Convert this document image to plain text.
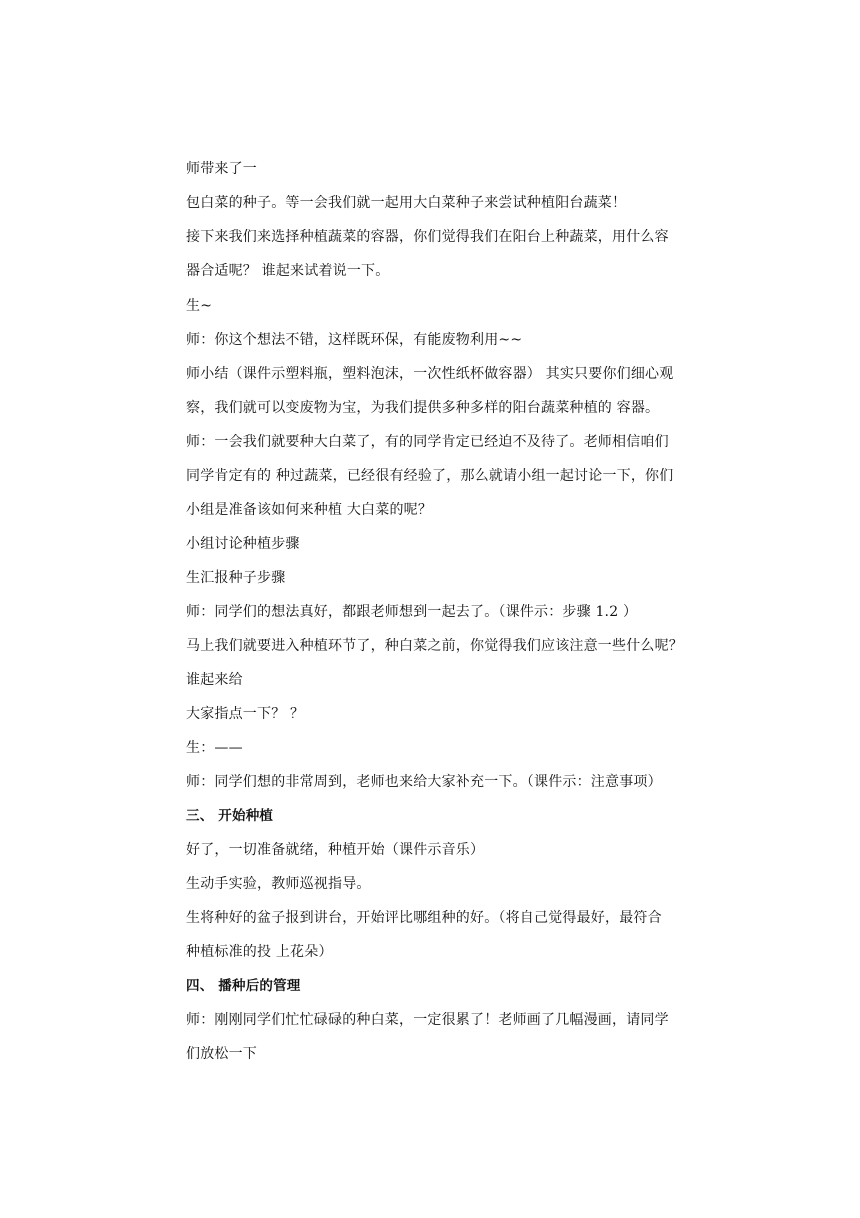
师带来了一
包白菜的种子。等一会我们就一起用大白菜种子来尝试种植阳台蔬菜！
接下来我们来选择种植蔬菜的容器，你们觉得我们在阳台上种蔬菜，用什么容
器合适呢？ 谁起来试着说一下。
生~
师：你这个想法不错，这样既环保，有能废物利用~~
师小结（课件示塑料瓶，塑料泡沫，一次性纸杯做容器） 其实只要你们细心观
察，我们就可以变废物为宝，为我们提供多种多样的阳台蔬菜种植的 容器。
师：一会我们就要种大白菜了，有的同学肯定已经迫不及待了。老师相信咱们
同学肯定有的 种过蔬菜，已经很有经验了，那么就请小组一起讨论一下，你们
小组是准备该如何来种植 大白菜的呢？
小组讨论种植步骤
生汇报种子步骤
师：同学们的想法真好，都跟老师想到一起去了。（课件示：步骤 1.2 ）
马上我们就要进入种植环节了，种白菜之前，你觉得我们应该注意一些什么呢？
谁起来给
大家指点一下？ ？
生：——
师：同学们想的非常周到，老师也来给大家补充一下。（课件示：注意事项）
三、 开始种植
好了，一切准备就绪，种植开始（课件示音乐）
生动手实验，教师巡视指导。
生将种好的盆子报到讲台，开始评比哪组种的好。（将自己觉得最好，最符合
种植标准的投 上花朵）
四、 播种后的管理
师：刚刚同学们忙忙碌碌的种白菜，一定很累了！老师画了几幅漫画，请同学
们放松一下
